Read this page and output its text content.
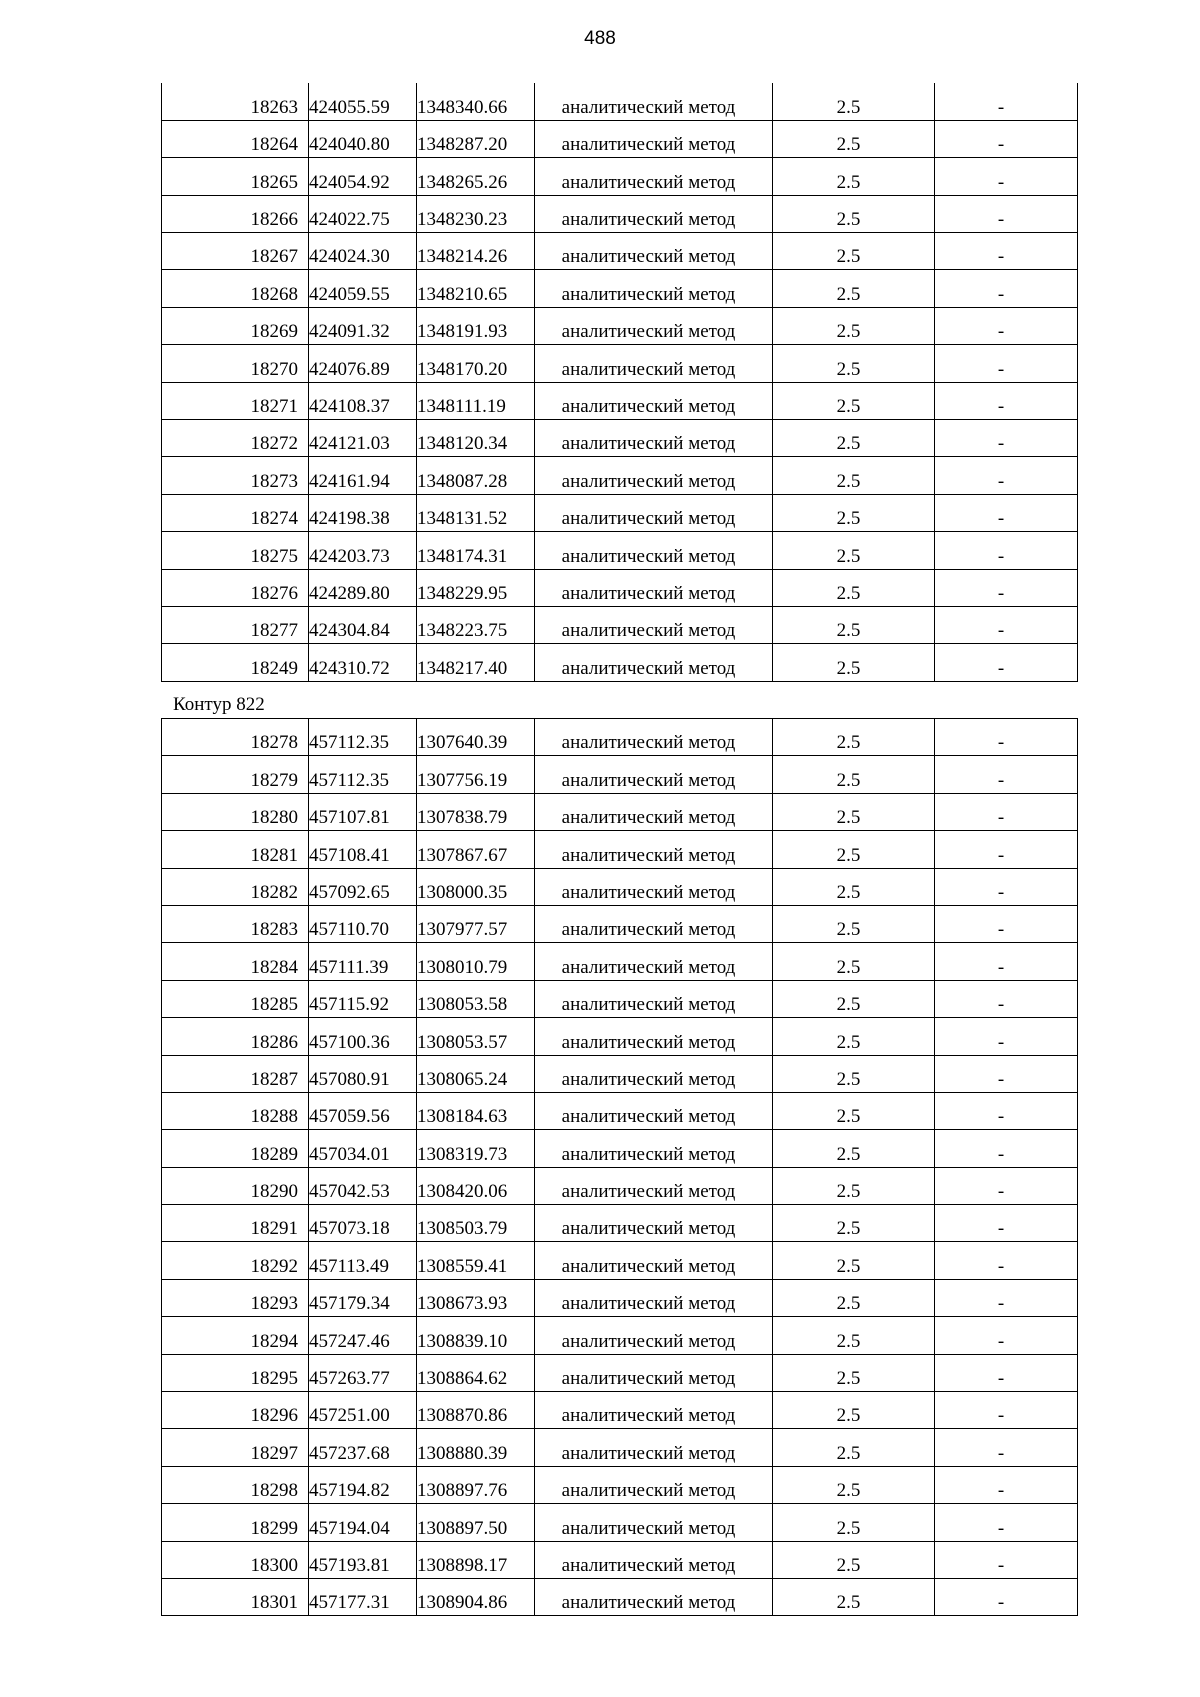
488
18263	424055.59	1348340.66	аналитический метод	2.5	-
18264	424040.80	1348287.20	аналитический метод	2.5	-
18265	424054.92	1348265.26	аналитический метод	2.5	-
18266	424022.75	1348230.23	аналитический метод	2.5	-
18267	424024.30	1348214.26	аналитический метод	2.5	-
18268	424059.55	1348210.65	аналитический метод	2.5	-
18269	424091.32	1348191.93	аналитический метод	2.5	-
18270	424076.89	1348170.20	аналитический метод	2.5	-
18271	424108.37	1348111.19	аналитический метод	2.5	-
18272	424121.03	1348120.34	аналитический метод	2.5	-
18273	424161.94	1348087.28	аналитический метод	2.5	-
18274	424198.38	1348131.52	аналитический метод	2.5	-
18275	424203.73	1348174.31	аналитический метод	2.5	-
18276	424289.80	1348229.95	аналитический метод	2.5	-
18277	424304.84	1348223.75	аналитический метод	2.5	-
18249	424310.72	1348217.40	аналитический метод	2.5	-
Контур 822
18278	457112.35	1307640.39	аналитический метод	2.5	-
18279	457112.35	1307756.19	аналитический метод	2.5	-
18280	457107.81	1307838.79	аналитический метод	2.5	-
18281	457108.41	1307867.67	аналитический метод	2.5	-
18282	457092.65	1308000.35	аналитический метод	2.5	-
18283	457110.70	1307977.57	аналитический метод	2.5	-
18284	457111.39	1308010.79	аналитический метод	2.5	-
18285	457115.92	1308053.58	аналитический метод	2.5	-
18286	457100.36	1308053.57	аналитический метод	2.5	-
18287	457080.91	1308065.24	аналитический метод	2.5	-
18288	457059.56	1308184.63	аналитический метод	2.5	-
18289	457034.01	1308319.73	аналитический метод	2.5	-
18290	457042.53	1308420.06	аналитический метод	2.5	-
18291	457073.18	1308503.79	аналитический метод	2.5	-
18292	457113.49	1308559.41	аналитический метод	2.5	-
18293	457179.34	1308673.93	аналитический метод	2.5	-
18294	457247.46	1308839.10	аналитический метод	2.5	-
18295	457263.77	1308864.62	аналитический метод	2.5	-
18296	457251.00	1308870.86	аналитический метод	2.5	-
18297	457237.68	1308880.39	аналитический метод	2.5	-
18298	457194.82	1308897.76	аналитический метод	2.5	-
18299	457194.04	1308897.50	аналитический метод	2.5	-
18300	457193.81	1308898.17	аналитический метод	2.5	-
18301	457177.31	1308904.86	аналитический метод	2.5	-
